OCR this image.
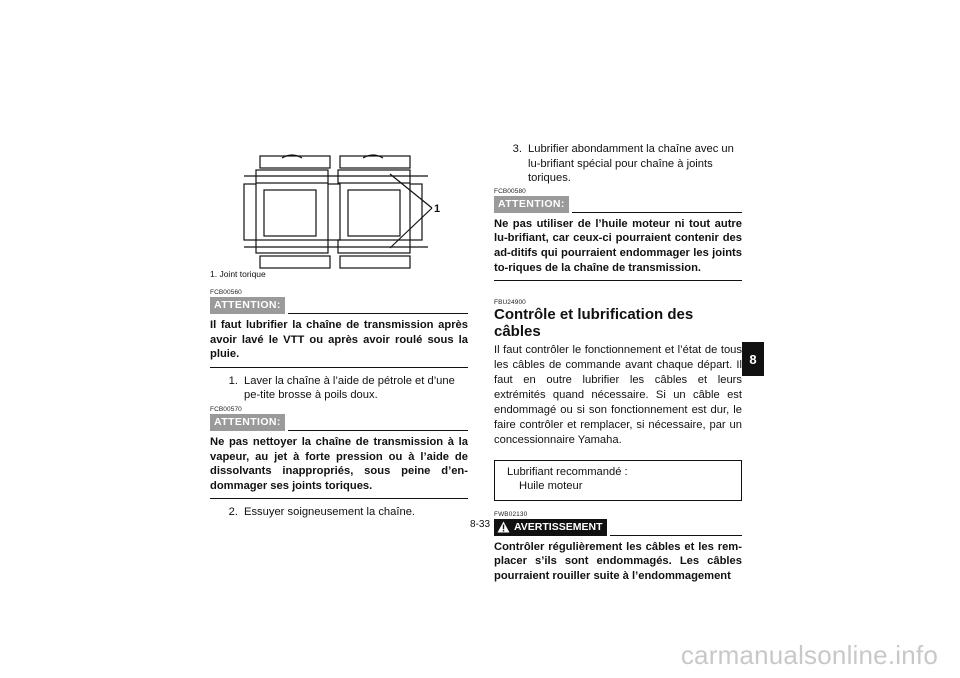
1
1. Joint torique
FCB00560
ATTENTION:
Il faut lubrifier la chaîne de transmission après avoir lavé le VTT ou après avoir roulé sous la pluie.
1. Laver la chaîne à l’aide de pétrole et d’une pe-tite brosse à poils doux.
FCB00570
ATTENTION:
Ne pas nettoyer la chaîne de transmission à la vapeur, au jet à forte pression ou à l’aide de dissolvants inappropriés, sous peine d’en-dommager ses joints toriques.
2. Essuyer soigneusement la chaîne.
3. Lubrifier abondamment la chaîne avec un lu-brifiant spécial pour chaîne à joints toriques.
FCB00580
ATTENTION:
Ne pas utiliser de l’huile moteur ni tout autre lu-brifiant, car ceux-ci pourraient contenir des ad-ditifs qui pourraient endommager les joints to-riques de la chaîne de transmission.
FBU24900
Contrôle et lubrification des câbles
Il faut contrôler le fonctionnement et l’état de tous les câbles de commande avant chaque départ. Il faut en outre lubrifier les câbles et leurs extrémités quand nécessaire. Si un câble est endommagé ou si son fonctionnement est dur, le faire contrôler et remplacer, si nécessaire, par un concessionnaire Yamaha.
Lubrifiant recommandé :
Huile moteur
FWB02130
AVERTISSEMENT
Contrôler régulièrement les câbles et les rem-placer s’ils sont endommagés. Les câbles pourraient rouiller suite à l’endommagement
8
8-33
carmanualsonline.info
